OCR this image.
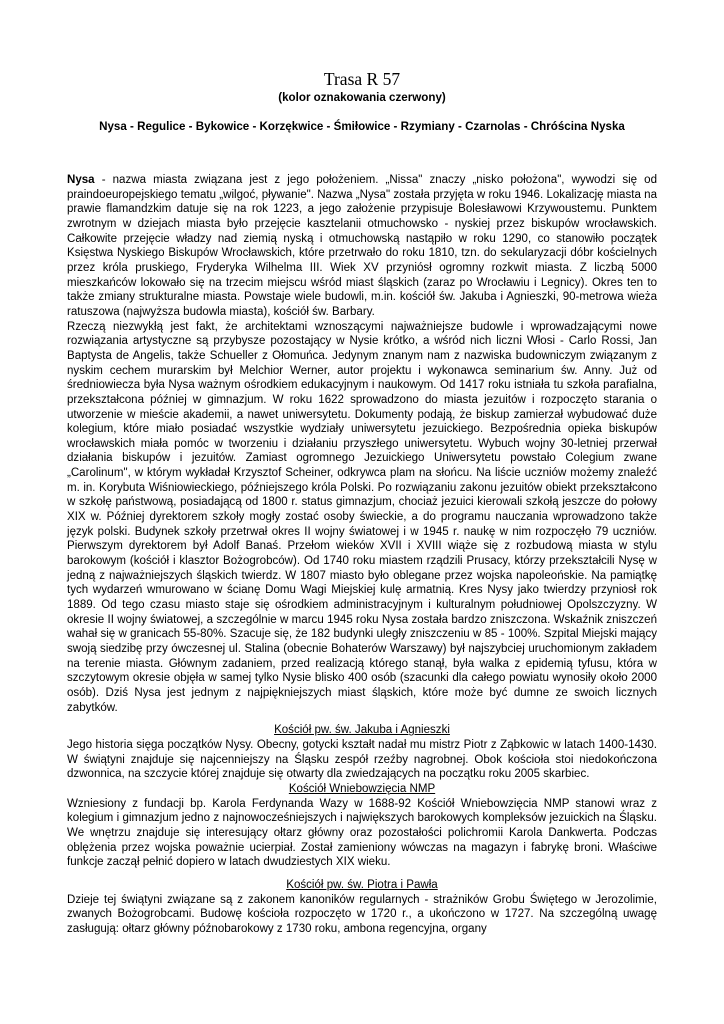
Trasa R 57
(kolor oznakowania czerwony)
Nysa - Regulice - Bykowice - Korzękwice - Śmiłowice - Rzymiany - Czarnolas - Chróścina Nyska

Nysa - nazwa miasta związana jest z jego położeniem. „Nissa" znaczy „nisko położona", wywodzi się od praindoeuropejskiego tematu „wilgoć, pływanie". Nazwa „Nysa" została przyjęta w roku 1946. Lokalizację miasta na prawie flamandzkim datuje się na rok 1223, a jego założenie przypisuje Bolesławowi Krzywoustemu. Punktem zwrotnym w dziejach miasta było przejęcie kasztelanii otmuchowsko - nyskiej przez biskupów wrocławskich. Całkowite przejęcie władzy nad ziemią nyską i otmuchowską nastąpiło w roku 1290, co stanowiło początek Księstwa Nyskiego Biskupów Wrocławskich, które przetrwało do roku 1810, tzn. do sekularyzacji dóbr kościelnych przez króla pruskiego, Fryderyka Wilhelma III. Wiek XV przyniósł ogromny rozkwit miasta. Z liczbą 5000 mieszkańców lokowało się na trzecim miejscu wśród miast śląskich (zaraz po Wrocławiu i Legnicy). Okres ten to także zmiany strukturalne miasta. Powstaje wiele budowli, m.in. kościół św. Jakuba i Agnieszki, 90-metrowa wieża ratuszowa (najwyższa budowla miasta), kościół św. Barbary.

Rzeczą niezwykłą jest fakt, że architektami wznoszącymi najważniejsze budowle i wprowadzającymi nowe rozwiązania artystyczne są przybysze pozostający w Nysie krótko, a wśród nich liczni Włosi - Carlo Rossi, Jan Baptysta de Angelis, także Schueller z Ołomuńca. Jedynym znanym nam z nazwiska budowniczym związanym z nyskim cechem murarskim był Melchior Werner, autor projektu i wykonawca seminarium św. Anny. Już od średniowiecza była Nysa ważnym ośrodkiem edukacyjnym i naukowym. Od 1417 roku istniała tu szkoła parafialna, przekształcona później w gimnazjum. W roku 1622 sprowadzono do miasta jezuitów i rozpoczęto starania o utworzenie w mieście akademii, a nawet uniwersytetu. Dokumenty podają, że biskup zamierzał wybudować duże kolegium, które miało posiadać wszystkie wydziały uniwersytetu jezuickiego. Bezpośrednia opieka biskupów wrocławskich miała pomóc w tworzeniu i działaniu przyszłego uniwersytetu. Wybuch wojny 30-letniej przerwał działania biskupów i jezuitów. Zamiast ogromnego Jezuickiego Uniwersytetu powstało Colegium zwane „Carolinum", w którym wykładał Krzysztof Scheiner, odkrywca plam na słońcu. Na liście uczniów możemy znaleźć m. in. Korybuta Wiśniowieckiego, późniejszego króla Polski. Po rozwiązaniu zakonu jezuitów obiekt przekształcono w szkołę państwową, posiadającą od 1800 r. status gimnazjum, chociaż jezuici kierowali szkołą jeszcze do połowy XIX w. Później dyrektorem szkoły mogły zostać osoby świeckie, a do programu nauczania wprowadzono także język polski. Budynek szkoły przetrwał okres II wojny światowej i w 1945 r. naukę w nim rozpoczęło 79 uczniów. Pierwszym dyrektorem był Adolf Banaś. Przełom wieków XVII i XVIII wiąże się z rozbudową miasta w stylu barokowym (kościół i klasztor Bożogrobców). Od 1740 roku miastem rządzili Prusacy, którzy przekształcili Nysę w jedną z najważniejszych śląskich twierdz. W 1807 miasto było oblegane przez wojska napoleońskie. Na pamiątkę tych wydarzeń wmurowano w ścianę Domu Wagi Miejskiej kulę armatnią. Kres Nysy jako twierdzy przyniosł rok 1889. Od tego czasu miasto staje się ośrodkiem administracyjnym i kulturalnym południowej Opolszczyzny. W okresie II wojny światowej, a szczególnie w marcu 1945 roku Nysa została bardzo zniszczona. Wskaźnik zniszczeń wahał się w granicach 55-80%. Szacuje się, że 182 budynki uległy zniszczeniu w 85 - 100%. Szpital Miejski mający swoją siedzibę przy ówczesnej ul. Stalina (obecnie Bohaterów Warszawy) był najszybciej uruchomionym zakładem na terenie miasta. Głównym zadaniem, przed realizacją którego stanął, była walka z epidemią tyfusu, która w szczytowym okresie objęła w samej tylko Nysie blisko 400 osób (szacunki dla całego powiatu wynosiły około 2000 osób). Dziś Nysa jest jednym z najpiękniejszych miast śląskich, które może być dumne ze swoich licznych zabytków.

Kościół pw. św. Jakuba i Agnieszki

Jego historia sięga początków Nysy. Obecny, gotycki kształt nadał mu mistrz Piotr z Ząbkowic w latach 1400-1430. W świątyni znajduje się najcenniejszy na Śląsku zespół rzeźby nagrobnej. Obok kościoła stoi niedokończona dzwonnica, na szczycie której znajduje się otwarty dla zwiedzających na początku roku 2005 skarbiec.

Kościół Wniebowzięcia NMP

Wzniesiony z fundacji bp. Karola Ferdynanda Wazy w 1688-92 Kościół Wniebowzięcia NMP stanowi wraz z kolegium i gimnazjum jedno z najnowocześniejszych i największych barokowych kompleksów jezuickich na Śląsku. We wnętrzu znajduje się interesujący ołtarz główny oraz pozostałości polichromii Karola Dankwerta. Podczas oblężenia przez wojska poważnie ucierpiał. Został zamieniony wówczas na magazyn i fabrykę broni. Właściwe funkcje zaczął pełnić dopiero w latach dwudziestych XIX wieku.

Kościół pw. św. Piotra i Pawła

Dzieje tej świątyni związane są z zakonem kanoników regularnych - strażników Grobu Świętego w Jerozolimie, zwanych Bożogrobcami. Budowę kościoła rozpoczęto w 1720 r., a ukończono w 1727. Na szczególną uwagę zasługują: ołtarz główny późnobarokowy z 1730 roku, ambona regencyjna, organy
